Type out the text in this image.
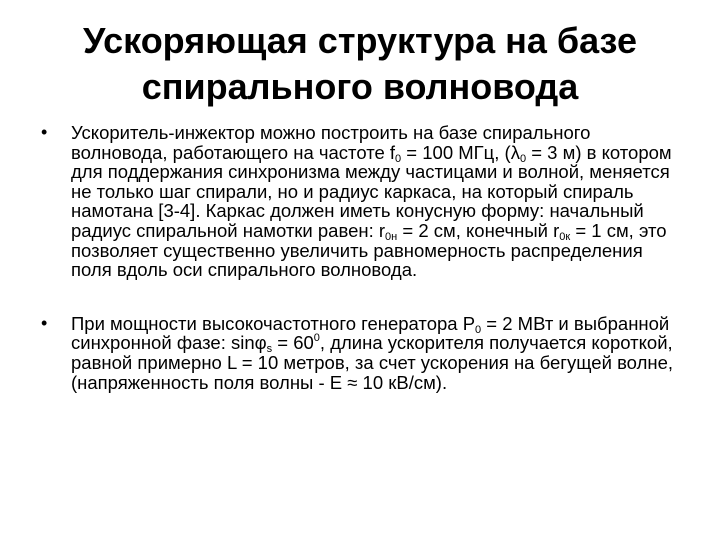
Ускоряющая структура на базе
спирального волновода
• Ускоритель-инжектор можно построить на базе спирального волновода, работающего на частоте $f_0 = 100$ МГц, ($\lambda_0 = 3$ м) в котором для поддержания синхронизма между частицами и волной, меняется не только шаг спирали, но и радиус каркаса, на который спираль намотана [3-4]. Каркас должен иметь конусную форму: начальный радиус спиральной намотки равен: $r_{0н} = 2$ см, конечный $r_{0к} = 1$ см, это позволяет существенно увеличить равномерность распределения поля вдоль оси спирального волновода.
• При мощности высокочастотного генератора $Р_0 = 2$ МВт и выбранной синхронной фазе: $\sin\varphi_s = 60^0$, длина ускорителя получается короткой, равной примерно L = 10 метров, за счет ускорения на бегущей волне, (напряженность поля волны - Е ≈ 10 кВ/см).
